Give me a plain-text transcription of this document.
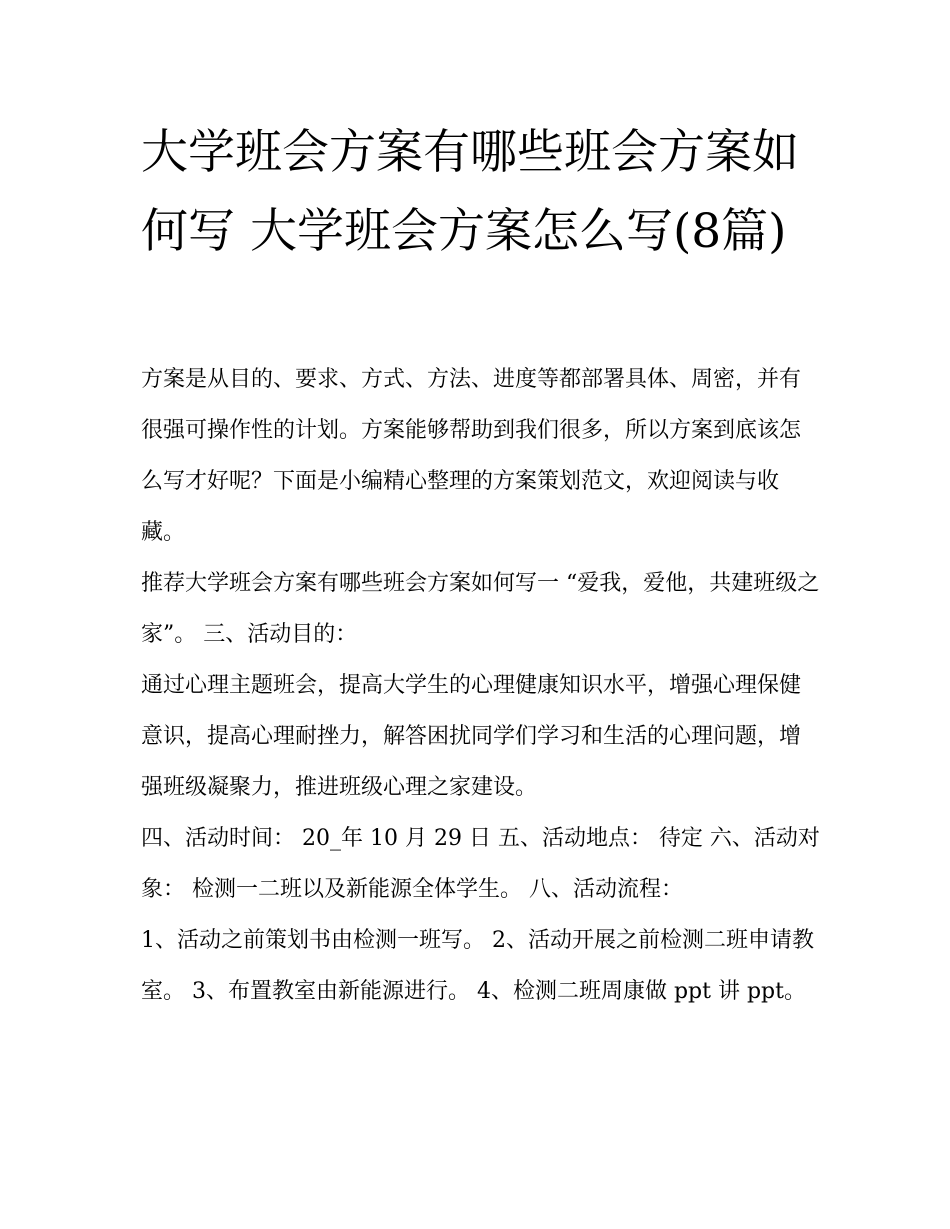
大学班会方案有哪些班会方案如何写 大学班会方案怎么写(8篇)

方案是从目的、要求、方式、方法、进度等都部署具体、周密，并有很强可操作性的计划。方案能够帮助到我们很多，所以方案到底该怎么写才好呢？下面是小编精心整理的方案策划范文，欢迎阅读与收藏。

推荐大学班会方案有哪些班会方案如何写一 “爱我，爱他，共建班级之家”。 三、活动目的：

通过心理主题班会，提高大学生的心理健康知识水平，增强心理保健意识，提高心理耐挫力，解答困扰同学们学习和生活的心理问题，增强班级凝聚力，推进班级心理之家建设。

四、活动时间： 20_年 10 月 29 日 五、活动地点： 待定 六、活动对象： 检测一二班以及新能源全体学生。 八、活动流程：

1、活动之前策划书由检测一班写。 2、活动开展之前检测二班申请教室。 3、布置教室由新能源进行。 4、检测二班周康做 ppt 讲 ppt。
